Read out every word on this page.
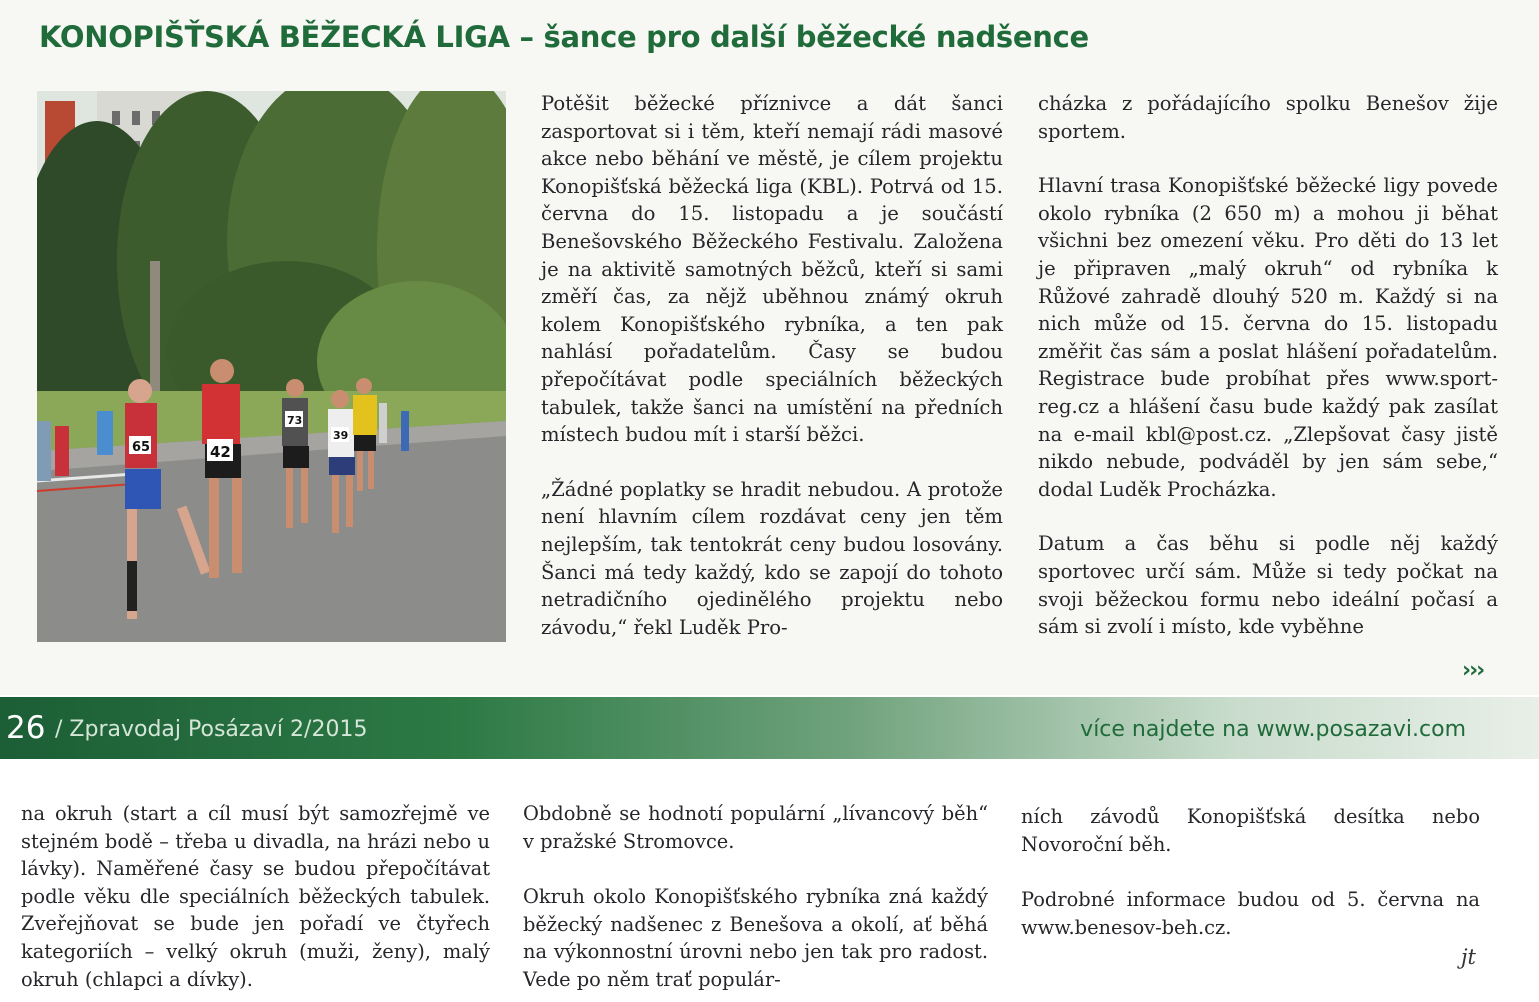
KONOPIŠŤSKÁ BĚŽECKÁ LIGA – šance pro další běžecké nadšence
65	42
73
39

Potěšit běžecké příznivce a dát šanci zasportovat si i těm, kteří nemají rádi masové akce nebo běhání ve městě, je cílem projektu Konopišťská běžecká liga (KBL). Potrvá od 15. června do 15. listopadu a je součástí Benešovského Běžeckého Festivalu. Založena je na aktivitě samotných běžců, kteří si sami změří čas, za nějž uběhnou známý okruh kolem Konopišťského rybníka, a ten pak nahlásí pořadatelům. Časy se budou přepočítávat podle speciálních běžeckých tabulek, takže šanci na umístění na předních místech budou mít i starší běžci.

„Žádné poplatky se hradit nebudou. A protože není hlavním cílem rozdávat ceny jen těm nejlepším, tak tentokrát ceny budou losovány. Šanci má tedy každý, kdo se zapojí do tohoto netradičního ojedinělého projektu nebo závodu,“ řekl Luděk Pro-

cházka z pořádajícího spolku Benešov žije sportem.

Hlavní trasa Konopišťské běžecké ligy povede okolo rybníka (2 650 m) a mohou ji běhat všichni bez omezení věku. Pro děti do 13 let je připraven „malý okruh“ od rybníka k Růžové zahradě dlouhý 520 m. Každý si na nich může od 15. června do 15. listopadu změřit čas sám a poslat hlášení pořadatelům. Registrace bude probíhat přes www.sport-reg.cz a hlášení času bude každý pak zasílat na e-mail kbl@post.cz. „Zlepšovat časy jistě nikdo nebude, podváděl by jen sám sebe,“ dodal Luděk Procházka.

Datum a čas běhu si podle něj každý sportovec určí sám. Může si tedy počkat na svoji běžeckou formu nebo ideální počasí a sám si zvolí i místo, kde vyběhne

›››
26 / Zpravodaj Posázaví 2/2015	více najdete na www.posazavi.com

na okruh (start a cíl musí být samozřejmě ve stejném bodě – třeba u divadla, na hrázi nebo u lávky). Naměřené časy se budou přepočítávat podle věku dle speciálních běžeckých tabulek. Zveřejňovat se bude jen pořadí ve čtyřech kategoriích – velký okruh (muži, ženy), malý okruh (chlapci a dívky).

Obdobně se hodnotí populární „lívancový běh“ v pražské Stromovce.

Okruh okolo Konopišťského rybníka zná každý běžecký nadšenec z Benešova a okolí, ať běhá na výkonnostní úrovni nebo jen tak pro radost. Vede po něm trať populár-

ních závodů Konopišťská desítka nebo Novoroční běh.

Podrobné informace budou od 5. června na www.benesov-beh.cz.

jt
